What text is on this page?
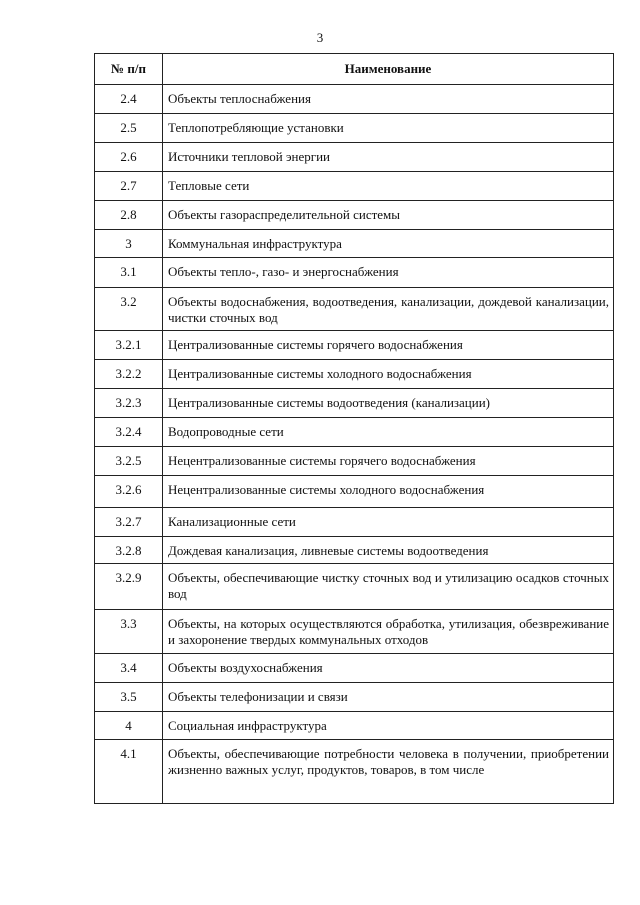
3
№ п/п	Наименование
2.4	Объекты теплоснабжения
2.5	Теплопотребляющие установки
2.6	Источники тепловой энергии
2.7	Тепловые сети
2.8	Объекты газораспределительной системы
3	Коммунальная инфраструктура
3.1	Объекты тепло-, газо- и энергоснабжения
3.2	Объекты водоснабжения, водоотведения, канализации, дождевой канализации, чистки сточных вод
3.2.1	Централизованные системы горячего водоснабжения
3.2.2	Централизованные системы холодного водоснабжения
3.2.3	Централизованные системы водоотведения (канализации)
3.2.4	Водопроводные сети
3.2.5	Нецентрализованные системы горячего водоснабжения
3.2.6	Нецентрализованные системы холодного водоснабжения
3.2.7	Канализационные сети
3.2.8	Дождевая канализация, ливневые системы водоотведения
3.2.9	Объекты, обеспечивающие чистку сточных вод и утилизацию осадков сточных вод
3.3	Объекты, на которых осуществляются обработка, утилизация, обезвреживание и захоронение твердых коммунальных отходов
3.4	Объекты воздухоснабжения
3.5	Объекты телефонизации и связи
4	Социальная инфраструктура
4.1	Объекты, обеспечивающие потребности человека в получении, приобретении жизненно важных услуг, продуктов, товаров, в том числе
